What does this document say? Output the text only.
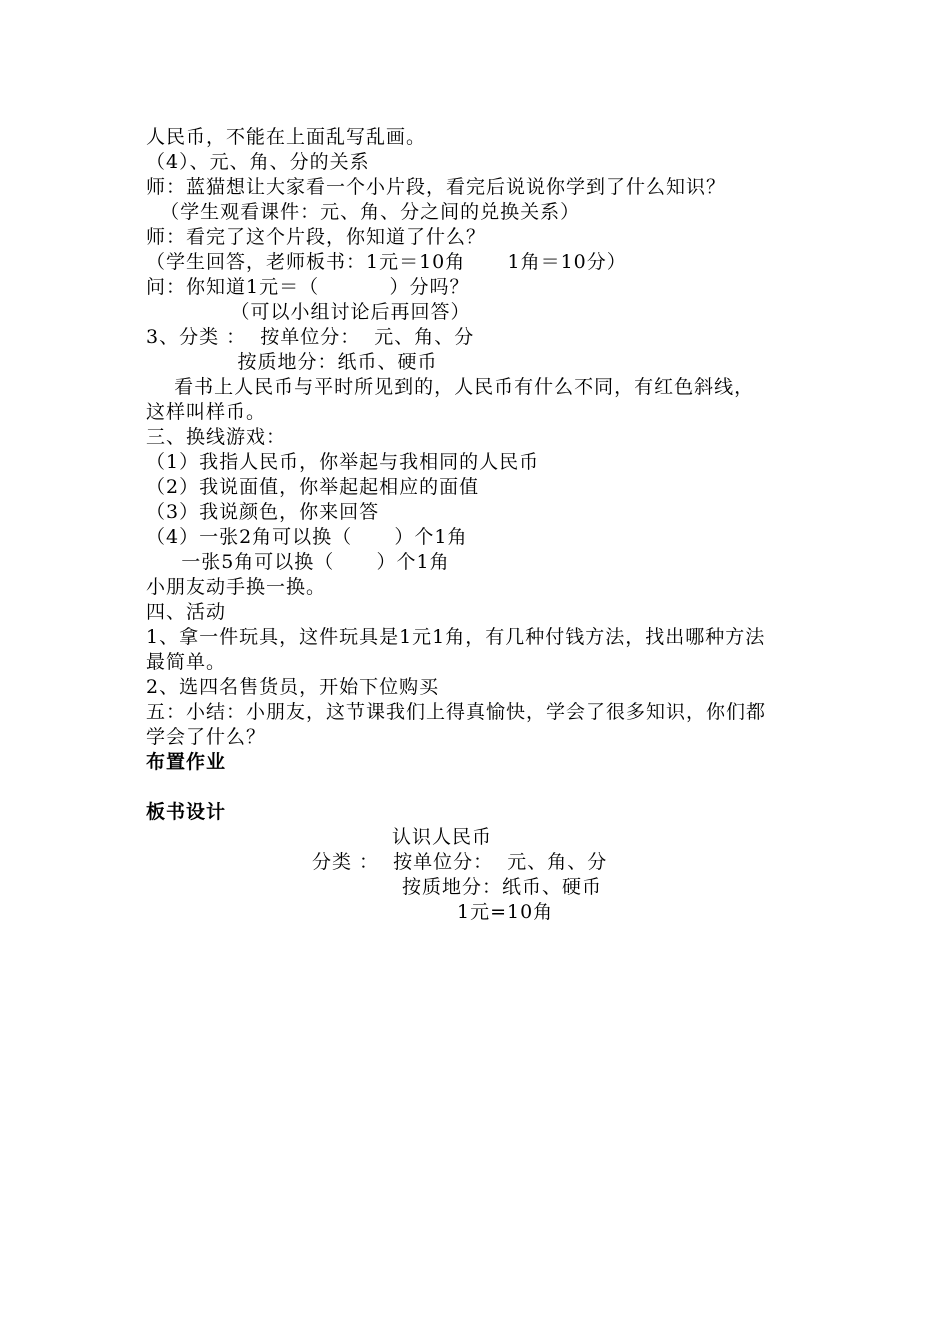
人民币，不能在上面乱写乱画。
（4）、元、角、分的关系
师：蓝猫想让大家看一个小片段，看完后说说你学到了什么知识？
（学生观看课件：元、角、分之间的兑换关系）
师：看完了这个片段，你知道了什么？
（学生回答，老师板书：1元＝10角      1角＝10分）
问：你知道1元＝（          ）分吗？
（可以小组讨论后再回答）
3、分类 ：  按单位分：  元、角、分
按质地分：纸币、硬币
看书上人民币与平时所见到的，人民币有什么不同，有红色斜线，
这样叫样币。
三、换线游戏：
（1）我指人民币，你举起与我相同的人民币
（2）我说面值，你举起起相应的面值
（3）我说颜色，你来回答
（4）一张2角可以换（      ）个1角
一张5角可以换（      ）个1角
小朋友动手换一换。
四、活动
1、拿一件玩具，这件玩具是1元1角，有几种付钱方法，找出哪种方法
最简单。
2、选四名售货员，开始下位购买
五：小结：小朋友，这节课我们上得真愉快，学会了很多知识，你们都
学会了什么？
布置作业
板书设计
认识人民币
分类 ：  按单位分：  元、角、分
按质地分：纸币、硬币
1元=10角
